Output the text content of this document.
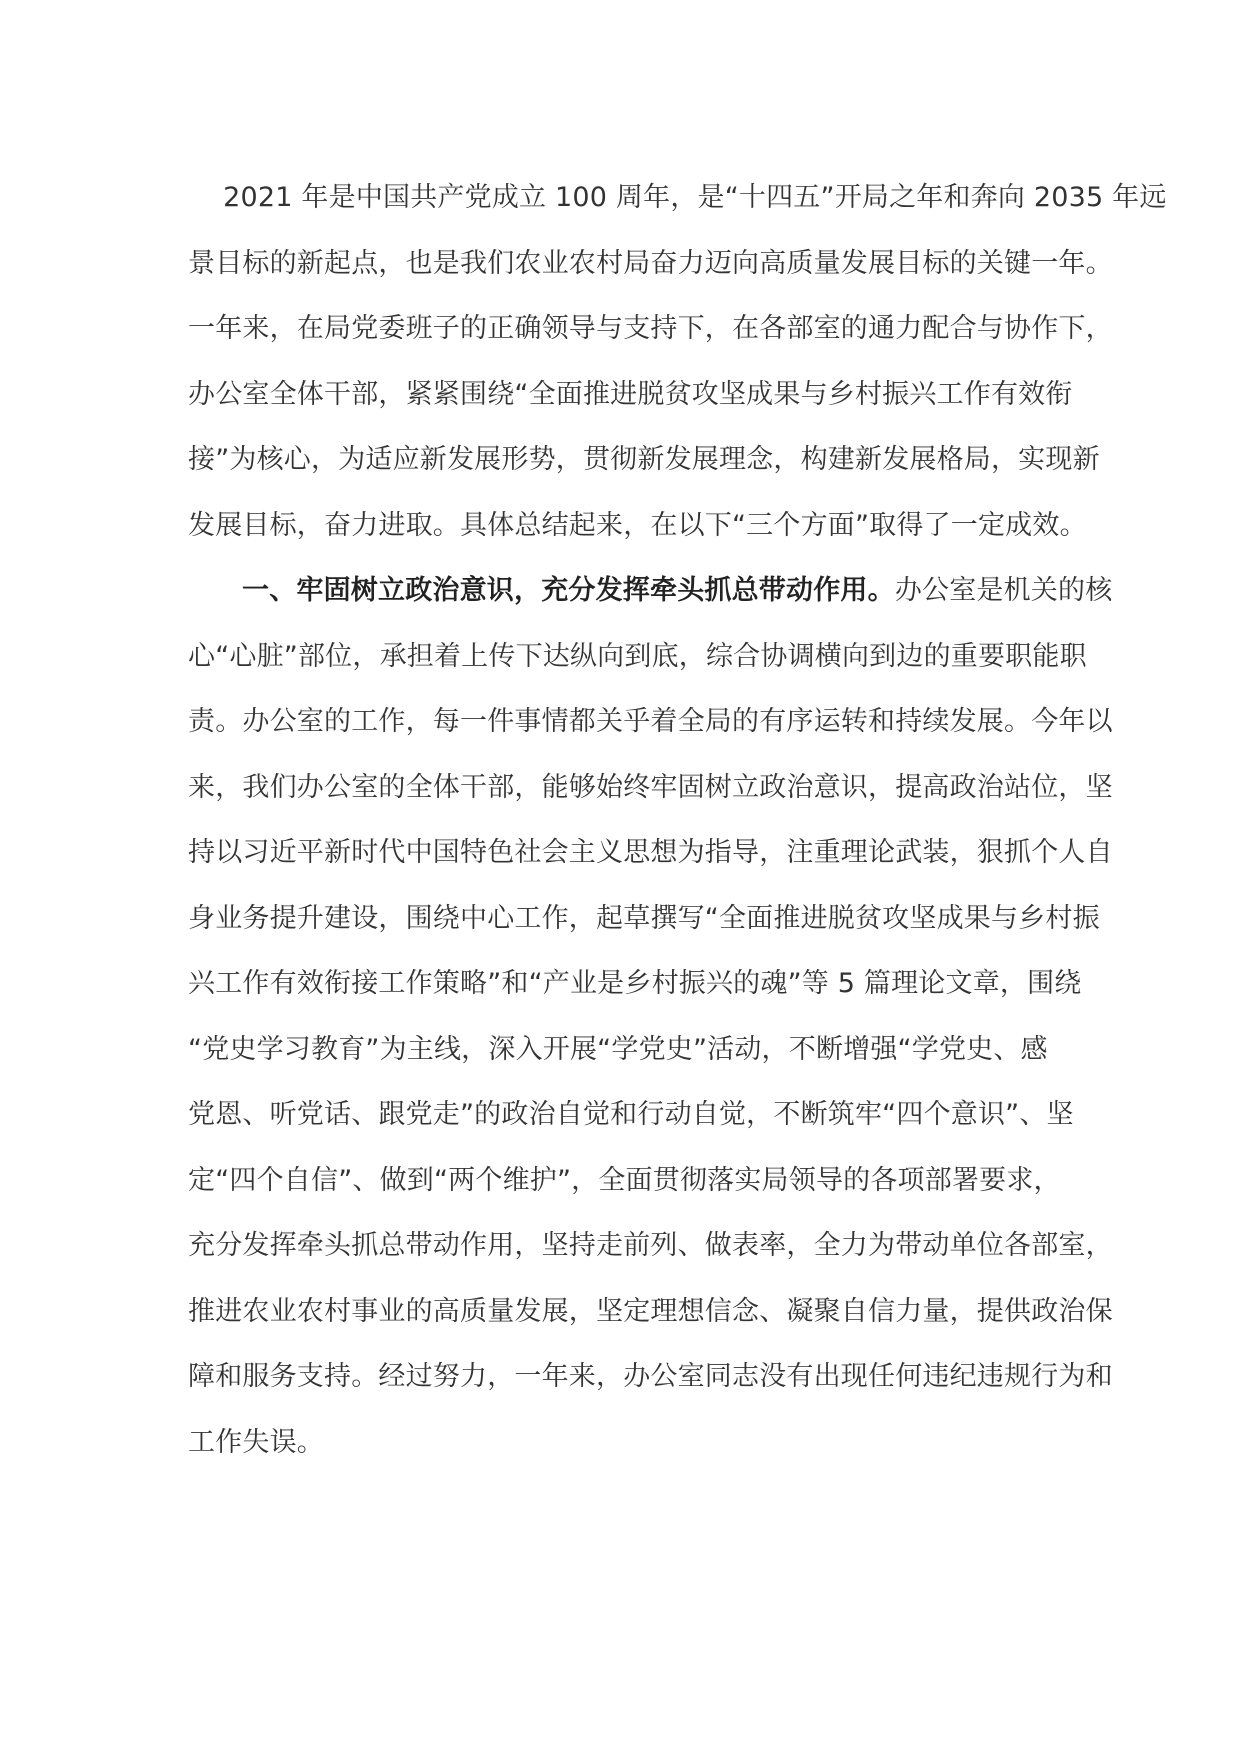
2021 年是中国共产党成立 100 周年，是“十四五”开局之年和奔向 2035 年远
景目标的新起点，也是我们农业农村局奋力迈向高质量发展目标的关键一年。
一年来，在局党委班子的正确领导与支持下，在各部室的通力配合与协作下，
办公室全体干部，紧紧围绕“全面推进脱贫攻坚成果与乡村振兴工作有效衔
接”为核心，为适应新发展形势，贯彻新发展理念，构建新发展格局，实现新
发展目标，奋力进取。具体总结起来，在以下“三个方面”取得了一定成效。
一、牢固树立政治意识，充分发挥牵头抓总带动作用。办公室是机关的核
心“心脏”部位，承担着上传下达纵向到底，综合协调横向到边的重要职能职
责。办公室的工作，每一件事情都关乎着全局的有序运转和持续发展。今年以
来，我们办公室的全体干部，能够始终牢固树立政治意识，提高政治站位，坚
持以习近平新时代中国特色社会主义思想为指导，注重理论武装，狠抓个人自
身业务提升建设，围绕中心工作，起草撰写“全面推进脱贫攻坚成果与乡村振
兴工作有效衔接工作策略”和“产业是乡村振兴的魂”等 5 篇理论文章，围绕
“党史学习教育”为主线，深入开展“学党史”活动，不断增强“学党史、感
党恩、听党话、跟党走”的政治自觉和行动自觉，不断筑牢“四个意识”、坚
定“四个自信”、做到“两个维护”，全面贯彻落实局领导的各项部署要求，
充分发挥牵头抓总带动作用，坚持走前列、做表率，全力为带动单位各部室，
推进农业农村事业的高质量发展，坚定理想信念、凝聚自信力量，提供政治保
障和服务支持。经过努力，一年来，办公室同志没有出现任何违纪违规行为和
工作失误。
